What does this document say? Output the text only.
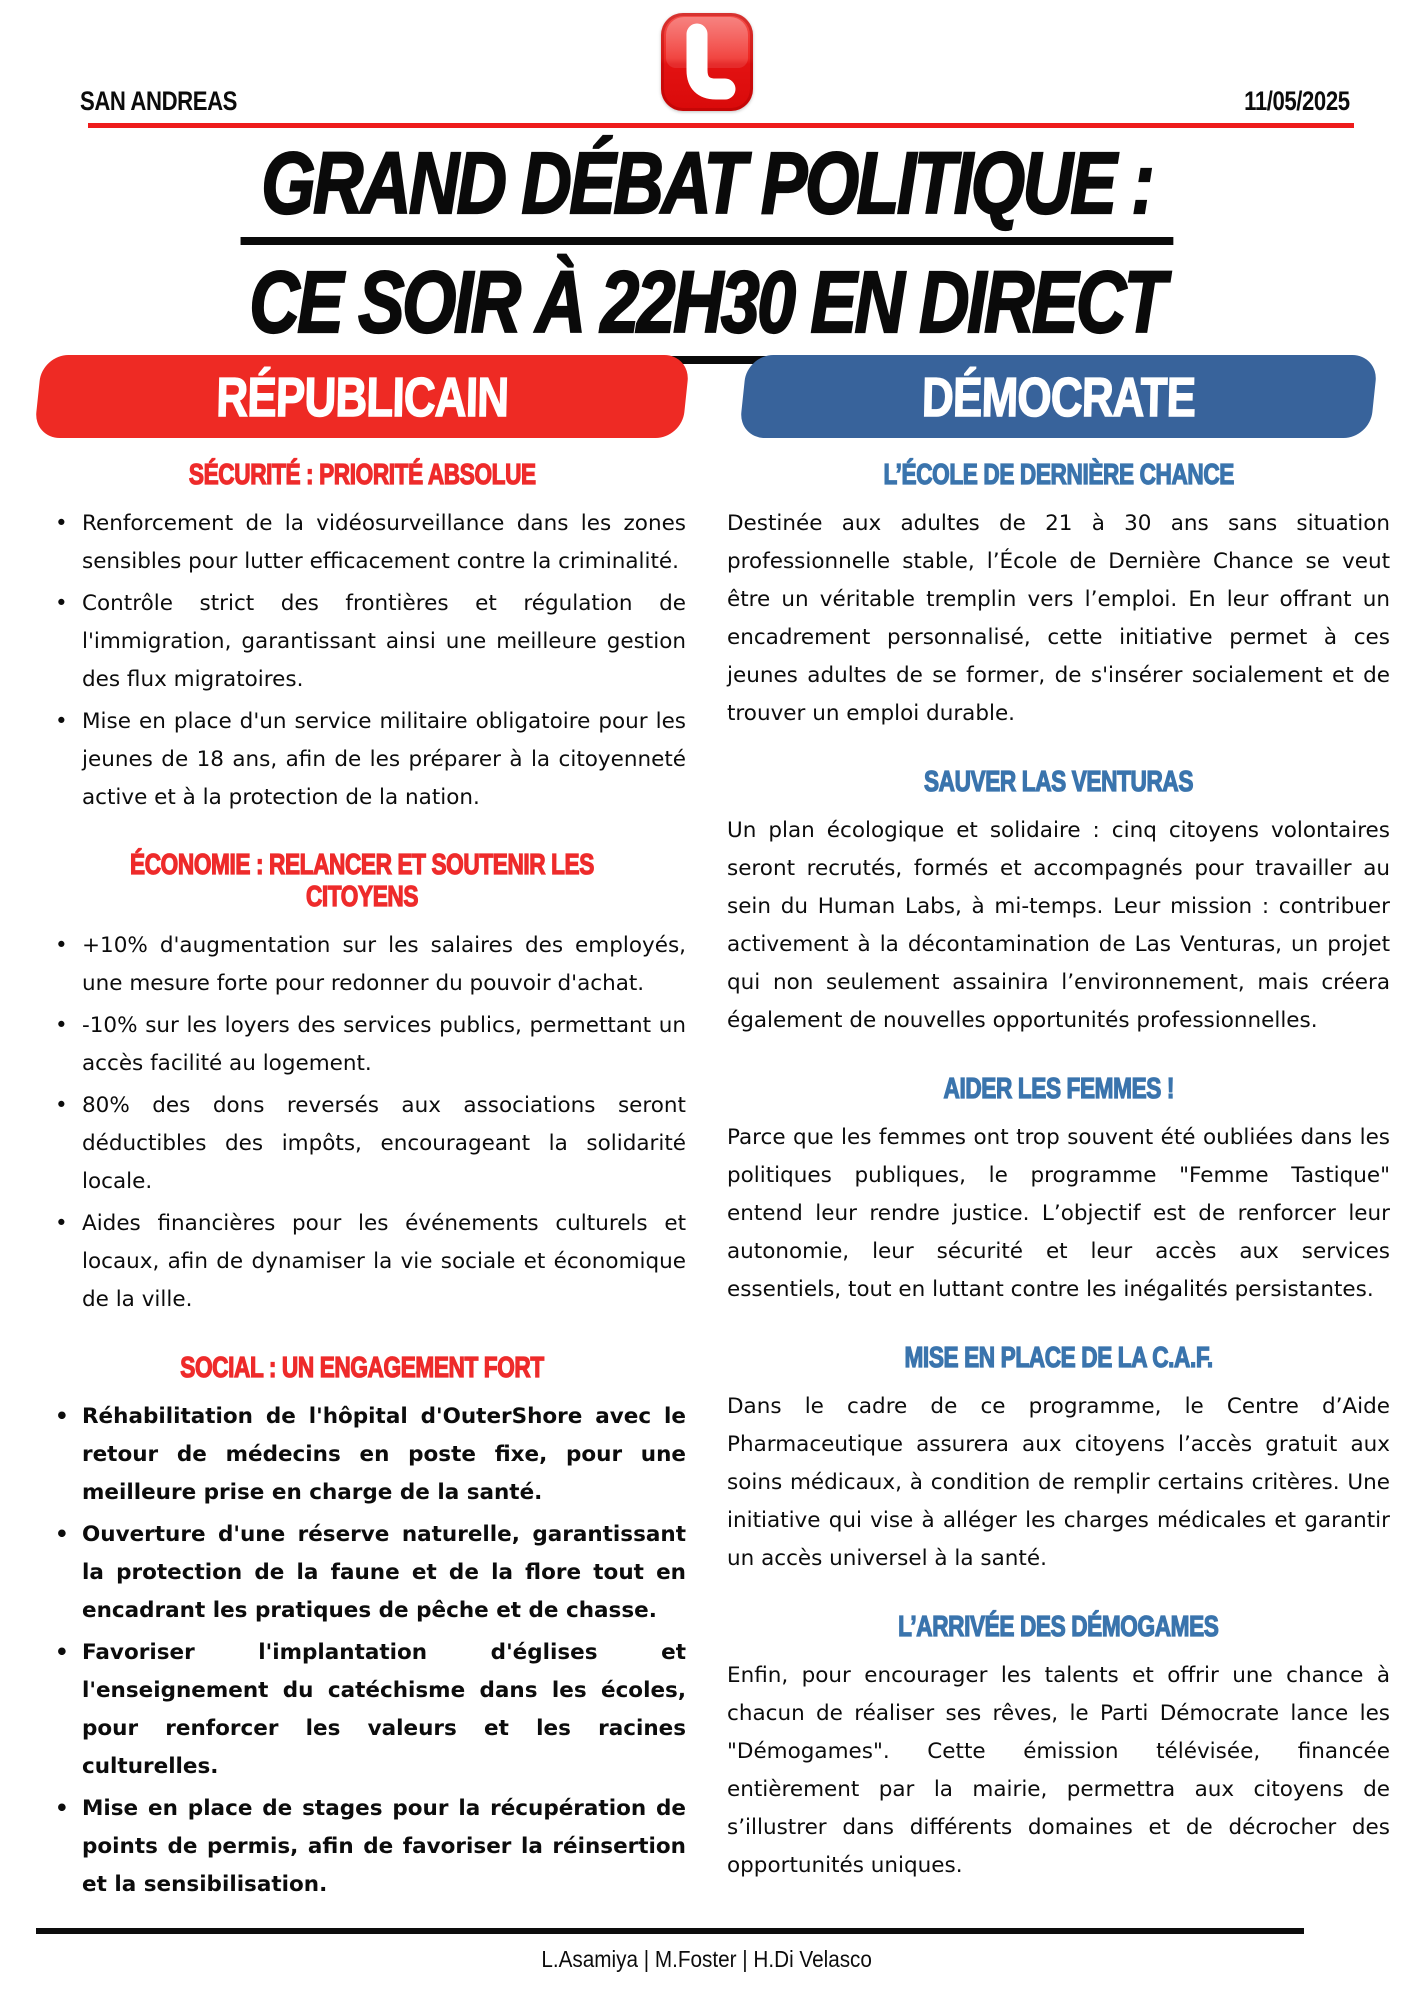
SAN ANDREAS	11/05/2025
GRAND DÉBAT POLITIQUE :
CE SOIR À 22H30 EN DIRECT
RÉPUBLICAIN
SÉCURITÉ : PRIORITÉ ABSOLUE
• Renforcement de la vidéosurveillance dans les zones sensibles pour lutter efficacement contre la criminalité.
• Contrôle strict des frontières et régulation de l'immigration, garantissant ainsi une meilleure gestion des flux migratoires.
• Mise en place d'un service militaire obligatoire pour les jeunes de 18 ans, afin de les préparer à la citoyenneté active et à la protection de la nation.
ÉCONOMIE : RELANCER ET SOUTENIR LES CITOYENS
• +10% d'augmentation sur les salaires des employés, une mesure forte pour redonner du pouvoir d'achat.
• -10% sur les loyers des services publics, permettant un accès facilité au logement.
• 80% des dons reversés aux associations seront déductibles des impôts, encourageant la solidarité locale.
• Aides financières pour les événements culturels et locaux, afin de dynamiser la vie sociale et économique de la ville.
SOCIAL : UN ENGAGEMENT FORT
• Réhabilitation de l'hôpital d'OuterShore avec le retour de médecins en poste fixe, pour une meilleure prise en charge de la santé.
• Ouverture d'une réserve naturelle, garantissant la protection de la faune et de la flore tout en encadrant les pratiques de pêche et de chasse.
• Favoriser l'implantation d'églises et l'enseignement du catéchisme dans les écoles, pour renforcer les valeurs et les racines culturelles.
• Mise en place de stages pour la récupération de points de permis, afin de favoriser la réinsertion et la sensibilisation.
DÉMOCRATE
L’ÉCOLE DE DERNIÈRE CHANCE

Destinée aux adultes de 21 à 30 ans sans situation professionnelle stable, l’École de Dernière Chance se veut être un véritable tremplin vers l’emploi. En leur offrant un encadrement personnalisé, cette initiative permet à ces jeunes adultes de se former, de s'insérer socialement et de trouver un emploi durable.

SAUVER LAS VENTURAS

Un plan écologique et solidaire : cinq citoyens volontaires seront recrutés, formés et accompagnés pour travailler au sein du Human Labs, à mi-temps. Leur mission : contribuer activement à la décontamination de Las Venturas, un projet qui non seulement assainira l’environnement, mais créera également de nouvelles opportunités professionnelles.

AIDER LES FEMMES !

Parce que les femmes ont trop souvent été oubliées dans les politiques publiques, le programme "Femme Tastique" entend leur rendre justice. L’objectif est de renforcer leur autonomie, leur sécurité et leur accès aux services essentiels, tout en luttant contre les inégalités persistantes.

MISE EN PLACE DE LA C.A.F.

Dans le cadre de ce programme, le Centre d’Aide Pharmaceutique assurera aux citoyens l’accès gratuit aux soins médicaux, à condition de remplir certains critères. Une initiative qui vise à alléger les charges médicales et garantir un accès universel à la santé.

L’ARRIVÉE DES DÉMOGAMES

Enfin, pour encourager les talents et offrir une chance à chacun de réaliser ses rêves, le Parti Démocrate lance les "Démogames". Cette émission télévisée, financée entièrement par la mairie, permettra aux citoyens de s’illustrer dans différents domaines et de décrocher des opportunités uniques.

L.Asamiya | M.Foster | H.Di Velasco
